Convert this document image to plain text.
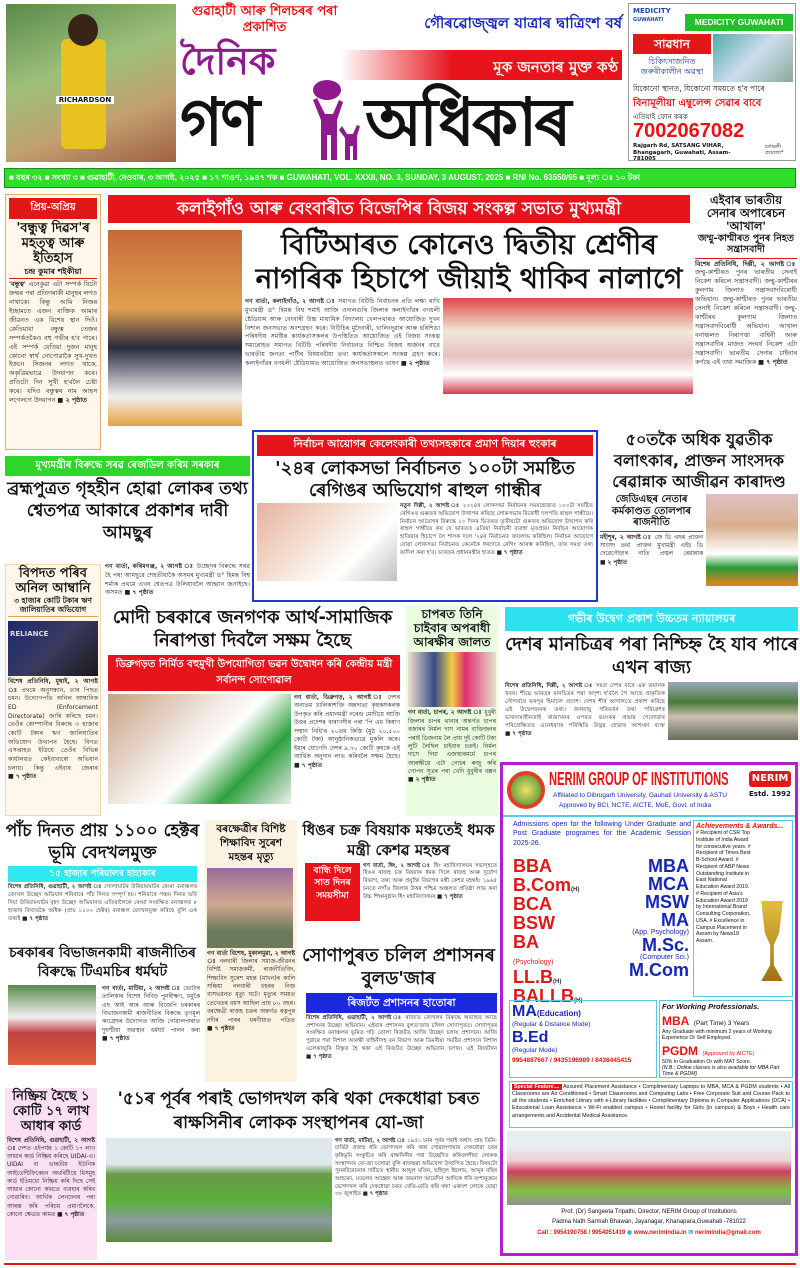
RICHARDSON
গুৱাহাটী আৰু শিলচৰৰ পৰা প্ৰকাশিত	গৌৰৱোজ্জ্বল যাত্ৰাৰ দ্বাত্ৰিংশ বৰ্ষ
মূক জনতাৰ মুক্ত কণ্ঠ
দৈনিক
গণ অধিকাৰ
MEDICITY
GUWAHATI	MEDICITY GUWAHATI
সাৱধান
চিকিৎসাজনিত জৰুৰীকালীন অৱস্থা
যিকোনো স্থানত, যিকোনো সময়তে হ'ব পাৰে
বিনামূলীয়া এম্বুলেন্স সেৱাৰ বাবে
এতিয়াই ফোন কৰক
7002067082
Rajgarh Rd, SATSANG VIHAR, Bhangagarh, Guwahati, Assam-781005
চৰ্তাৱলী প্ৰযোজ্য*
■ বছৰ ৩২ ■ সংখ্যা ৩ ■ গুৱাহাটী, দেওবাৰ, ৩ আগষ্ট, ২০২৫ ■ ১৭ শাওণ, ১৯৪৭ শক ■ GUWAHATI, VOL. XXXII, NO. 3, SUNDAY, 3 AUGUST, 2025 ■ RNI No. 63550/95 ■ মূল্য ঃ ১০ টকা
প্ৰিয়-অপ্ৰিয়
'বন্ধুত্ব দিৱস'ৰ মহত্ত্ব আৰু ইতিহাস
চন্দ্ৰ কুমাৰ শইকীয়া
'বন্ধুত্ব' এনেকুৱা এটা সম্পৰ্ক যিটো জন্মৰ পৰা প্ৰতিগৰাকী মানুহৰ লগত নাথাকে। কিন্তু আমি নিজৰ ইচ্ছামতে এজন ব্যক্তিক আমাৰ জীৱনত এক বিশেষ স্থান দিওঁ। কেতিয়াবা বন্ধুত্ব তেজৰ সম্পৰ্কতকৈও বহু গভীৰ হ'ব পাৰে। এই সম্পৰ্ক যেতিয়া দুজন মানুহ কোনো স্বাৰ্থ নোপোৱাকৈ সুখ-দুখত ইজনে সিজনৰ লগত থাকে, অকৃত্ৰিমভাৱে উদযাপন কৰে। প্ৰতিটো দিন সুখী হ'বলৈ চেষ্টা কৰে। যদিও বন্ধুত্বৰ নাম আহস লগেলগে উদযাপন ■ ২ পৃষ্ঠাত
কলাইগাঁও আৰু বেংবাৰীত বিজেপিৰ বিজয় সংকল্প সভাত মুখ্যমন্ত্ৰী
বিটিআৰত কোনেও দ্বিতীয় শ্ৰেণীৰ নাগৰিক হিচাপে জীয়াই থাকিব নালাগে
গণ বাৰ্তা, কলাইগাঁও, ২ আগষ্ট ঃ সমাগত বিটিচি নিৰ্বাচনৰ প্ৰতি লক্ষ্য ৰাখি মুখ্যমন্ত্ৰী ড° হিমন্ত বিশ্ব শৰ্মাই আজি ওদালগুৰি জিলাৰ কলাইগাঁৱৰ বগধলী ষ্টেডিয়াম আৰু বেংবাৰী উচ্চ মাধ্যমিক বিদ্যালয় খেলপথাৰত আয়োজিত দুখন বিশাল জনসভাত অংশগ্ৰহণ কৰে। বিটিচিৰ মুদৈবাৰী, খালিংদুৱাৰ আৰু হৰিশিঙা পৰিষদীয় সমষ্টিৰ কাৰ্যকৰ্তাসকলৰ উপস্থিতিত আয়োজিত এই বিজয় সংকল্প সমাৰোহত সমাগত বিটিচি পৰিষদীয় নিৰ্বাচনত নিশ্চিত বিজয় অৰ্জনৰ বাবে ভাৰতীয় জনতা পাৰ্টীৰ বিষয়ববীয়া তথা কাৰ্যকৰ্তাসকলে সংকল্প গ্ৰহণ কৰে। কলাইগাঁৱৰ বগধলী ষ্টেডিয়ামত আয়োজিত জনসভাস্থলত ভাষণ ■ ২ পৃষ্ঠাত
এইবাৰ ভাৰতীয় সেনাৰ অপাৰেচন 'আখাল'
জম্মু-কাশ্মীৰত পুনৰ নিহত সন্ত্ৰাসবাদী
বিশেষ প্ৰতিনিধি, দিল্লী, ২ আগষ্ট ঃ জম্মু-কাশ্মীৰত পুনৰ ভাৰতীয় সেনাই নিকেশ কৰিলে সন্ত্ৰাসবাদী। জম্মু-কাশ্মীৰৰ কুলগাম জিলাত সন্ত্ৰাসবাদবিৰোধী অভিযান। জম্মু-কাশ্মীৰত পুনৰ ভাৰতীয় সেনাই নিকেশ কৰিলে সন্ত্ৰাসবাদী। জম্মু-কাশ্মীৰৰ কুলগাম জিলাত সন্ত্ৰাসবাদবিৰোধী অভিযান। আখাল বনাঞ্চলত নিৰাপত্তা বাহিনী আৰু সন্ত্ৰাসবাদীৰ মাজত সংঘৰ্ষ নিকেশ এটা সন্ত্ৰাসবাদী। ভাৰতীয় সেনাৰ চাইনাৰ কৰ্পছে এই তথ্য সমাজিক ■ ৭ পৃষ্ঠাত
মুখ্যমন্ত্ৰীৰ বিৰুদ্ধে সৰৱ ৰেজডিল কৰিম সৰকাৰ
ব্ৰহ্মপুত্ৰত গৃহহীন হোৱা লোকৰ তথ্য শ্বেতপত্ৰ আকাৰে প্ৰকাশৰ দাবী আমছুৰ
গণ বাৰ্তা, কৰিমগঞ্জ, ২ আগষ্ট ঃ উচ্ছেদৰ বিৰুদ্ধে সৰৱ হৈ পৰা আমছুৱে শেহতীয়াকৈ অসমৰ মুখ্যমন্ত্ৰী ড° হিমন্ত বিশ্ব শৰ্মাক প্ৰথমে এখন শ্বেতপত্ৰ উলিয়াবলৈ আহ্বান জনাইছে। অসমত ■ ৭ পৃষ্ঠাত
নিৰ্বাচন আয়োগৰ কেলেংকাৰী তথ্যসহকাৰে প্ৰমাণ দিয়াৰ হুংকাৰ
'২৪ৰ লোকসভা নিৰ্বাচনত ১০০টা সমষ্টিত ৰেগিঙৰ অভিযোগ ৰাহুল গান্ধীৰ
নতুন দিল্লী, ২ আগষ্ট ঃ ২০২৪ৰ লোকসভা নিৰ্বাচনৰ সময়ছোৱাত ১০০টা সমষ্টিত ৰেগিঙৰ গুৰুতৰ অভিযোগ উত্থাপন কৰিছে লোকসভাৰ বিৰোধী দলপতি ৰাহুল গান্ধীয়ে। নিৰ্বাচন আয়োগৰ বিৰুদ্ধে ১০ দিনৰ ভিতৰত তৃতীয়টো গুৰুতৰ অভিযোগ উত্থাপন কৰি ৰাহুল গান্ধীয়ে কয় যে ভাৰতত এতিয়া নিৰ্বাচনী ব্যৱস্থা মৃতপ্ৰায়। নিৰ্বাচন আয়োগক হাতিয়াৰ হিচাপে লৈ শাসক দলে '২৪ৰ নিৰ্বাচনত জয়লাভ কৰিছিল। নিৰ্বাচন আয়োগে যোৱা লোকসভা নিৰ্বাচনত কেনেকৈ ধৰণেৰে ৰেগিং আৰম্ভ কৰিছিল, তাৰ সমগ্ৰ তথ্য ফাদিল কৰা হ'ব। ভাৰতৰ প্ৰধানমন্ত্ৰীৰ হাতত ■ ৭ পৃষ্ঠাত
৫০তকৈ অধিক যুৱতীক বলাৎকাৰ, প্ৰাক্তন সাংসদক ৰেৱান্নাক আজীৱন কাৰাদণ্ড
জেডিএছৰ নেতাৰ কৰ্মকাণ্ডত তোলপাৰ ৰাজনীতি
মহীশূৰ, ২ আগষ্ট ঃ জে ডি এছৰ প্ৰাক্তন সাংসদ তথা প্ৰাক্তন মুখ্যমন্ত্ৰী এইচ ডি দেৱেগৌড়াৰ নাতি প্ৰজ্বল ৰেৱান্নাক ■ ২ পৃষ্ঠাত
বিপদত পৰিব অনিল আম্বানি
৩ হাজাৰ কোটি টকাৰ ঋণ জালিয়াতিৰ অভিযোগ
RELIANCE
বিশেষ প্ৰতিনিধি, মুম্বাই, ২ আগষ্ট ঃ প্ৰথমে অনুসন্ধান, তাৰ পিছত চমন। উদ্যোগপতি অনিল আম্বানিক ED (Enforcement Directorate) জাৰি কৰিছে চমন। তেওঁৰ কোম্পানীৰ বিৰুদ্ধে ৩ হাজাৰ কোটি টকাৰ ঋণ জালিয়াতিৰ অভিযোগ উত্থাপন হৈছে। বিগত এসপ্তাহত ইডিয়ে তেওঁৰ বিভিন্ন কাৰ্যালয়ত কেইবাবাৰো অভিযান চলায়। কিন্তু এইবাৰ জেৰাৰ ■ ৭ পৃষ্ঠাত
মোদী চৰকাৰে জনগণক আৰ্থ-সামাজিক নিৰাপত্তা দিবলৈ সক্ষম হৈছে
ডিব্ৰুগড়ত নিৰ্মিত বহুমুখী উপযোগিতা ভৱন উদ্বোধন কৰি কেন্দ্ৰীয় মন্ত্ৰী সৰ্বানন্দ সোণোৱাল
গণ বাৰ্তা, ডিব্ৰুগড়, ২ আগষ্ট ঃ দেশৰ অন্যতম চালিকাশক্তি অন্নদাতা কৃষকসকলক উপকৃত কৰি প্ৰধানমন্ত্ৰী নৰেন্দ্ৰ মোদীয়ে আজি উত্তৰ প্ৰদেশৰ বাৰাণসীৰ পৰা 'পি এম কিষাণ সন্মান নিধি'ৰ ২০তম কিস্তি (মুঠ ২০,৫০০ কোটি টকা) আনুষ্ঠানিকভাৱে মুকলি কৰে। ইয়াৰ যোগেদি দেশৰ ৯.৭০ কোটি কৃষকে এই আৰ্থিক অনুদান লাভ কৰিবলৈ সক্ষম হৈছে। ■ ৭ পৃষ্ঠাত
চাপৰত তিনি চাইবাৰ অপৰাধী আৰক্ষীৰ জালত
গণ বাৰ্তা, চাপৰ, ২ আগষ্ট ঃ ধুবুৰী জিলাৰ চাপৰ থানাৰ অন্তৰ্গত চাপৰ বজাৰৰ নিৰ্মল দাস নামৰ ব্যক্তিজনৰ পৰাই ডিজনাম লৈ প্ৰায় দুই কোটি টকা লুটি লৈছিল চাইবাৰ চক্ৰই। নিৰ্মল দাসে দিয়া এজাহাৰমৰ্মে চাপৰ আৰক্ষীয়ে এটা গোচৰ ৰুজু কৰি গোপন সূত্ৰৰ পৰা খেদি ধুবুৰীৰ বক্সন ■ ২ পৃষ্ঠাত
গভীৰ উদ্বেগ প্ৰকাশ উচ্চতম ন্যায়ালয়ৰ
দেশৰ মানচিত্ৰৰ পৰা নিশ্চিহ্ন হৈ যাব পাৰে এখন ৰাজ্য
বিশেষ প্ৰতিনিধি, দিল্লী, ২ আগষ্ট ঃ সমগ্ৰ দেশৰ বাবে এক ভয়ানক খবৰ। শীঘ্ৰে ভাৰতৰ মানচিত্ৰৰ পৰা অদৃশ্য হ'বলৈ গৈ আছে প্ৰাকৃতিক সৌন্দৰ্যৰে ভৰপূৰ হিমাচল প্ৰদেশ। দেশৰ শীৰ্ষ আদালতে প্ৰকাশ কৰিছে এই উদ্বেগজনক তথ্য। জলবায়ু পৰিবৰ্তন তথা পৰিৱেশৰ ভাৰসাম্যহীনতাই ৰাজ্যখনৰ ওপৰত ভয়ংকৰ প্ৰভাৱ পেলোৱাৰ পৰিপ্ৰেক্ষিতত এনেধৰণৰ পৰিস্থিতি উদ্ভৱ হোৱাৰ আশংকা ব্যক্ত ■ ৭ পৃষ্ঠাত
NERIM GROUP OF INSTITUTIONS NERIM
Estd. 1992
Affiliated to Dibrugarh University, Gauhati University & ASTU
Approved by BCI, NCTE, AICTE, MoE, Govt. of India
Admissions open for the following Under Graduate and Post Graduate programes for the Academic Session 2025-26.
BBA
B.Com(H)
BCA
BSW
BA
(Psychology)
LL.B(H)
BALLB(H)
MBA
MCA
MSW
MA
(App. Psychology)
M.Sc.
(Computer Sci.)
M.Com
Achievements & Awards...
# Recipient of CSR Top Institute of India Award for consecutive years. # Recipient of Times Best B-School Award. # Recipient of ABP News Outstanding Institute in East National Education Award 2019. # Recipient of Asia's Education Award 2019 by International Brand Consulting Corporation, USA. # Excellence in Campus Placement in Assam by News18 Assam.
MA(Education)
(Regular & Distance Mode)
B.Ed
(Regular Mode)
9954887667 / 9435196989 / 8436445415
For Working Professionals.
MBA (Part Time) 3 Years
Any Graduate with minimum 2 years of Working Experience Or Self Employed.
PGDM (Approved by AICTE)
50% in Graduation Or with MAT Score.
(N.B.: Online classes is also available for MBA Part Time & PGDM)
Special Feature.... Assured Placement Assistance • Complimentary Laptops to MBA, MCA & PGDM students • All Classrooms are Air Conditioned • Smart Classrooms and Computing Labs • Free Corporate Suit and Course Pack to all the students • Enriched Library with e-Library facilities • Complimentary Diploma in Computer Applications (DCA) • Educational Loan Assistance • Wi-Fi enabled campus • Hostel facility for Girls (in campus) & Boys • Health care arrangements and Accidental Medical Assistance.
Prof. (Dr) Sangeeta Tripathi, Director, NERIM Group of Institutions
Padma Nath Sarmah Bhawan, Jayanagar, Khanapara,Guwahati -781022
Call : 9954190758 / 9954051419 ◉ www.nerimindia.in ✉ nerimindia@gmail.com
পাঁচ দিনত প্ৰায় ১১০০ হেক্টৰ ভূমি বেদখলমুক্ত
১৫ হাজাৰ পৰিয়ালৰ হাহাকাৰ
বিশেষ প্ৰতিনিধি, গুৱাহাটী, ২ আগষ্ট ঃ গোলাঘাটৰ উৰিয়ামঘাটৰ ৰেংমা বনাঞ্চলৰ বেদখল উচ্ছেদ অভিযান শনিবাৰে পাঁচ দিনত সম্পূৰ্ণ হয়। শনিবাৰে পঞ্চম দিনত ভবি দিয়া উৰিয়ামঘাটৰ বৃহৎ উচ্ছেদ অভিযানত এতিয়ালৈকে ৰেংমা সংৰক্ষিত বনাঞ্চলৰ ৮ হাজাৰ বিঘাতকৈ অধিক (প্ৰায় ১১০০ হেক্টৰ) বনাঞ্চল বেদখলমুক্ত কৰিছে বুলি এক তথ্যই ■ ৭ পৃষ্ঠাত
বৰক্ষেত্ৰীৰ বিশিষ্ট শিক্ষাবিদ সুৰেশ মহন্তৰ মৃত্যু
গণ বাৰ্তা বিশেষ, মুকালমুৱা, ২ আগষ্ট ঃ নলবাৰী জিলাৰ সমাজ-জীৱনৰ বিশিষ্ট সমাজকৰ্মী, ৰাজনীতিবিদ, শিক্ষাবিদ সুৰেশ মহন্ত (মাখন)ৰ কালি সন্ধিয়া নলবাৰী চহৰৰ নিজ বাসভৱনত মৃত্যু ঘটে। মৃত্যুৰ সময়ত তেখেতৰ বয়স আছিল প্ৰায় ৮০ বছৰ। বৰক্ষেত্ৰী ৰাজহ চক্ৰৰ অন্তৰ্গত ৰত্নপুৰ নদীৰ পাৰৰ ধৰণীয়াত পতিত ■ ৭ পৃষ্ঠাত
ধিঙৰ চক্ৰ বিষয়াক মঞ্চতেই ধমক মন্ত্ৰী কেশৱ মহন্তৰ
বান্ধি দিলে সাত দিনৰ সময়সীমা
গণ বাৰ্তা, ধিং, ২ আগষ্ট ঃ ধিং মহাবিদ্যালয়ৰ সভাগৃহতে ধিঙৰ ৰাজহ চক্ৰ বিষয়াক ধমক দিলে ৰাজহ আৰু দুৰ্যোগ বিভাগ, তথ্য আৰু প্ৰযুক্তি বিভাগৰ মন্ত্ৰী কেশৱ মহন্তই। ১৯৬৫ চনতে নগাঁও জিলাৰ উত্তৰ পশ্চিম অঞ্চলত প্ৰতিষ্ঠা লাভ কৰা উচ্চ শিক্ষানুষ্ঠান ধিং মহাবিদ্যালয়ৰ ■ ৭ পৃষ্ঠাত
চৰকাৰৰ বিভাজনকামী ৰাজনীতিৰ বিৰুদ্ধে টিএমচিৰ ধৰ্মঘট
গণ বাৰ্তা, মাটিয়া, ২ আগষ্ট ঃ ভোটাৰ তালিকাৰ বিশেষ নিবিড় পুনৰীক্ষণ, চমুকৈ এছ আই আৰ আৰু বিজেপি চৰকাৰৰ বিভাজনকামী ৰাজনীতিৰ বিৰুদ্ধে তৃণমূল কংগ্ৰেছৰ উদ্যোগত আজি গোৱালপাৰাত দুঘণ্টীয়া অৱস্থান ধৰ্মঘট পালন কৰা ■ ৭ পৃষ্ঠাত
সোণাপুৰত চলিল প্ৰশাসনৰ বুলড'জাৰ
ৰিজৰ্টত প্ৰশাসনৰ হাতোৰা
বিশেষ প্ৰতিনিধি, গুৱাহাটী, ২ আগষ্ট ঃ ৰাজ্যত বেদখলৰ বিৰুদ্ধে অব্যাহত আছে প্ৰশাসনৰ উচ্ছেদ অভিযান। এইবাৰ প্ৰশাসনৰ বুলড'জাৰ চলিল সোণাপুৰত। সোণাপুৰৰ সংৰক্ষিত বনাঞ্চলৰ ভূমিত গঢ়ি তোলা ৰিজৰ্টত আজি উচ্ছেদ চলায় প্ৰশাসনে। আজি পুৱাৰে পৰা বিশাল আৰক্ষী বাহিনীসহ বন বিভাগ আৰু ডিমৰীয়া সমষ্টিৰ প্ৰশাসনে বিশাল এলেকাজুৰি বিস্তৃত হৈ থকা এই ৰিজৰ্টত উচ্ছেদ অভিযান চলায়। এই ৰিজৰ্টখন ■ ৭ পৃষ্ঠাত
নিষ্ক্ৰিয় হৈছে ১ কোটি ১৭ লাখ আধাৰ কাৰ্ড
বিশেষ প্ৰতিনিধি, গুৱাহাটী, ২ আগষ্ট ঃ দেশত এইপৰ্যন্ত ১ কোটি ১৭ লাখ আধাৰ কাৰ্ড নিষ্ক্ৰিয় কৰিছে UIDAI-এ। UIDAI বা ভাৰতীয় ইউনিক আইডেন্টিফিকেচন অথৰিটীয়ে মিসমুহ কাৰ্ড ইতিমধ্যে নিষ্ক্ৰিয় কৰি দিছে সেই আধাৰ কোনো কামতে ব্যৱহাৰ কৰিব নোৱাৰিব। আৰ্থিক লেনদেনৰ পৰা আৰম্ভ কৰি পৰিচয় প্ৰমাণলৈকে, কোনো ক্ষেত্ৰত কামত ■ ৭ পৃষ্ঠাত
'৫১ৰ পূৰ্বৰ পৰাই ভোগদখল কৰি থকা দেকধোৱা চৰত ৰাক্ষসিনীৰ লোকক সংস্থাপনৰ যো-জা
গণ বাৰ্তা, মাটিয়া, ২ আগষ্ট ঃ ১৯৫১ চনৰ পূৰ্বৰ পৰাই অৰ্থাৎ প্ৰায় তিনি-চাৰিটা প্ৰজন্ম ধৰি ভোগদখল কৰি থকা গোৱালপাৰাৰ দেকধোৱা চৰৰ কৃষিভূমি সংকুচিত কৰি ৰাক্ষসিনীৰ পৰা উচ্ছেদিত কৰিবলগীয়া লোকক সংস্থাপনৰ যো-জা চলোৱা বুলি ৰাজহুৱা অভিযোগ উত্থাপিত হৈছে। বিষয়টো পুনৰবিবেচনাৰ দাবীতে স্থানীয় আব্দুল মতিন, ছহিদুল ইছলাম, আব্দুৰ বছিৰ আহমেদ, মতলেব আহ্বেদ আৰু জয়নাল আবেদিন আদিকে ধৰি বংশানুক্ৰমে ভোগদখল কৰি দেকধোৱা চৰত খেতি-বেতি কৰি থকা একাংশ লোকে যোৱা ৩০ জুলাইত ■ ৭ পৃষ্ঠাত
